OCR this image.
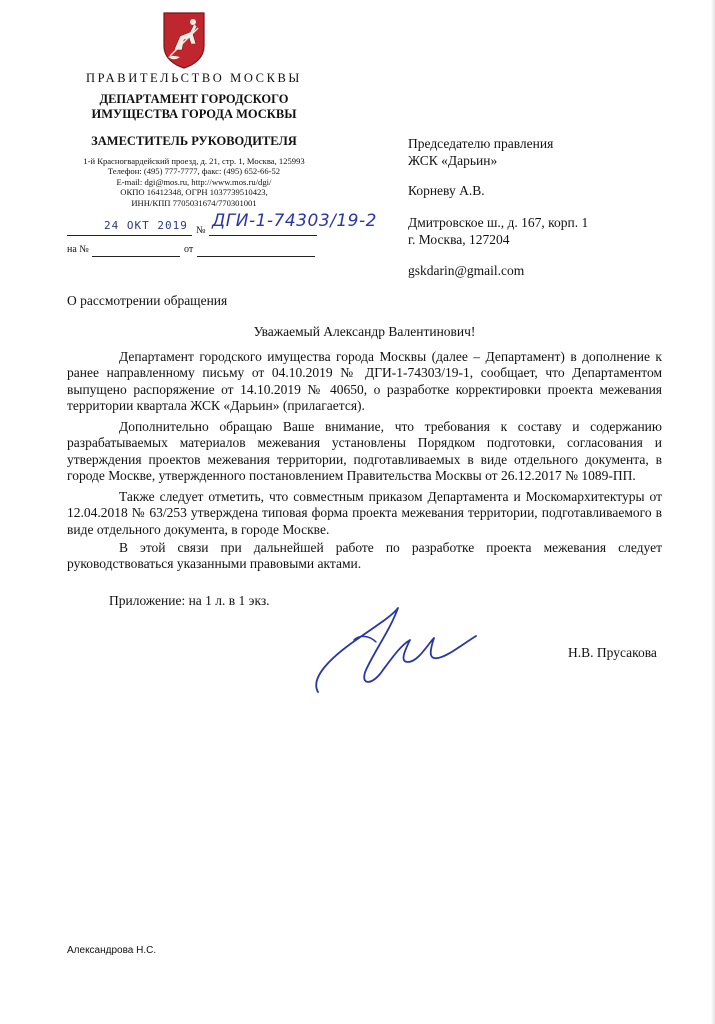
ПРАВИТЕЛЬСТВО МОСКВЫ
ДЕПАРТАМЕНТ ГОРОДСКОГО
ИМУЩЕСТВА ГОРОДА МОСКВЫ
ЗАМЕСТИТЕЛЬ РУКОВОДИТЕЛЯ
1-й Красногвардейский проезд, д. 21, стр. 1, Москва, 125993
Телефон: (495) 777-7777, факс: (495) 652-66-52
E-mail: dgi@mos.ru, http://www.mos.ru/dgi/
ОКПО 16412348, ОГРН 1037739510423,
ИНН/КПП 7705031674/770301001
24 ОКТ 2019 № ДГИ-1-74303/19-2
на №	от
Председателю правления
ЖСК «Дарьин»
Корневу А.В.
Дмитровское ш., д. 167, корп. 1
г. Москва, 127204
gskdarin@gmail.com
О рассмотрении обращения
Уважаемый Александр Валентинович!
Департамент городского имущества города Москвы (далее – Департамент) в дополнение к ранее направленному письму от 04.10.2019 № ДГИ-1-74303/19-1, сообщает, что Департаментом выпущено распоряжение от 14.10.2019 № 40650, о разработке корректировки проекта межевания территории квартала ЖСК «Дарьин» (прилагается).
Дополнительно обращаю Ваше внимание, что требования к составу и содержанию разрабатываемых материалов межевания установлены Порядком подготовки, согласования и утверждения проектов межевания территории, подготавливаемых в виде отдельного документа, в городе Москве, утвержденного постановлением Правительства Москвы от 26.12.2017 № 1089-ПП.
Также следует отметить, что совместным приказом Департамента и Москомархитектуры от 12.04.2018 № 63/253 утверждена типовая форма проекта межевания территории, подготавливаемого в виде отдельного документа, в городе Москве.
В этой связи при дальнейшей работе по разработке проекта межевания следует руководствоваться указанными правовыми актами.
Приложение: на 1 л. в 1 экз.
Н.В. Прусакова
Александрова Н.С.
